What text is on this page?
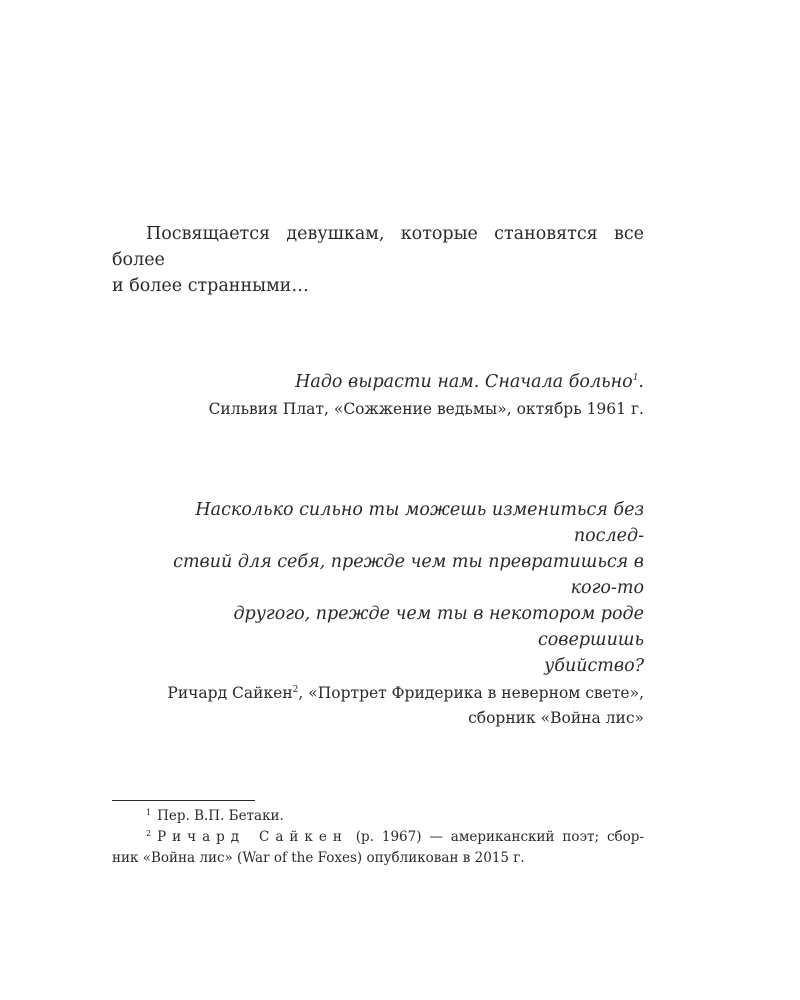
Посвящается девушкам, которые становятся все более
и более странными…
Надо вырасти нам. Сначала больно$^1$.
Сильвия Плат, «Сожжение ведьмы», октябрь 1961 г.
Насколько сильно ты можешь измениться без послед-
ствий для себя, прежде чем ты превратишься в кого-то
другого, прежде чем ты в некотором роде совершишь
убийство?
Ричард Сайкен$^2$, «Портрет Фридерика в неверном свете»,
сборник «Война лис»
$^1$ Пер. В.П. Бетаки.
$^2$ Ричард Сайкен (р. 1967) — американский поэт; сбор-
ник «Война лис» (War of the Foxes) опубликован в 2015 г.
